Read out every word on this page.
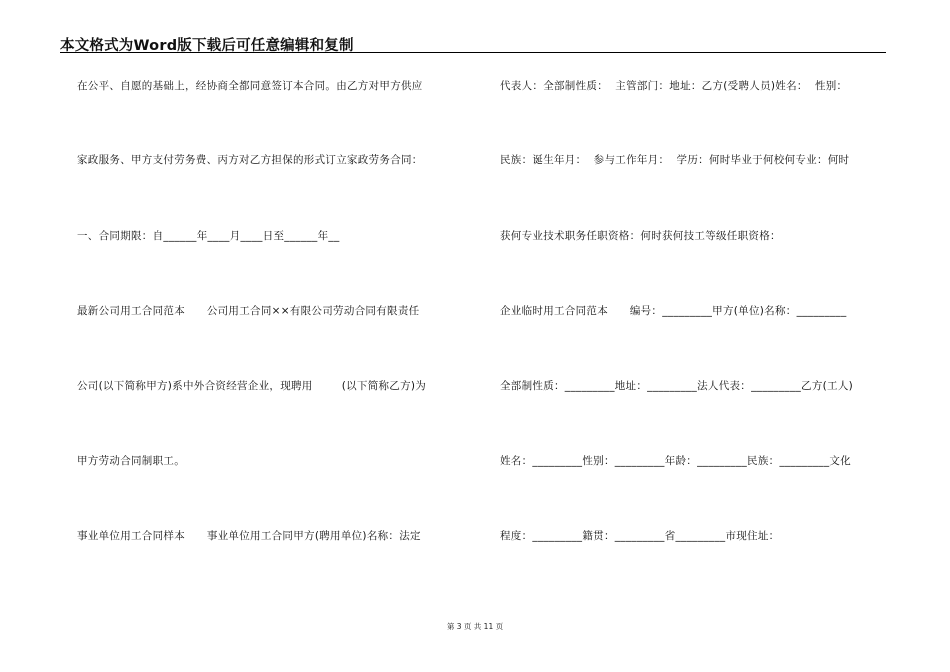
本文格式为Word版下载后可任意编辑和复制
在公平、自愿的基础上，经协商全都同意签订本合同。由乙方对甲方供应
家政服务、甲方支付劳务费、丙方对乙方担保的形式订立家政劳务合同：
一、合同期限：自______年____月____日至______年__
最新公司用工合同范本      公司用工合同××有限公司劳动合同有限责任
公司(以下简称甲方)系中外合资经营企业，现聘用        (以下简称乙方)为
甲方劳动合同制职工。
事业单位用工合同样本      事业单位用工合同甲方(聘用单位)名称：法定
代表人：全部制性质：  主管部门：地址：乙方(受聘人员)姓名：  性别：
民族：诞生年月：  参与工作年月：  学历：何时毕业于何校何专业：何时
获何专业技术职务任职资格：何时获何技工等级任职资格：
企业临时用工合同范本      编号：_________甲方(单位)名称：_________
全部制性质：_________地址：_________法人代表：_________乙方(工人)
姓名：_________性别：_________年龄：_________民族：_________文化
程度：_________籍贯：_________省_________市现住址：
第 3 页 共 11 页
